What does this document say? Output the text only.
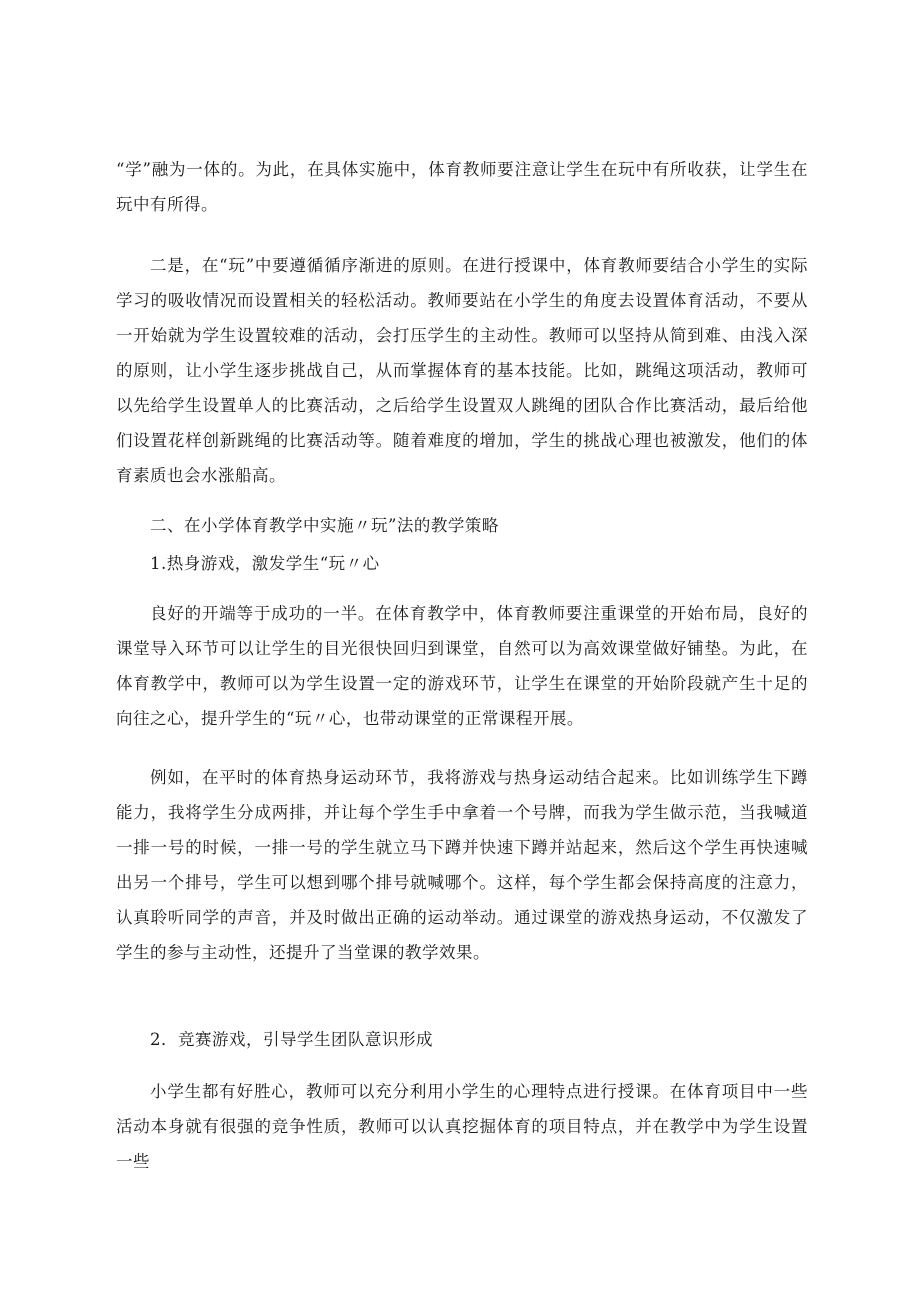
“学”融为一体的。为此，在具体实施中，体育教师要注意让学生在玩中有所收获，让学生在玩中有所得。

二是，在“玩”中要遵循循序渐进的原则。在进行授课中，体育教师要结合小学生的实际学习的吸收情况而设置相关的轻松活动。教师要站在小学生的角度去设置体育活动，不要从一开始就为学生设置较难的活动，会打压学生的主动性。教师可以坚持从简到难、由浅入深的原则，让小学生逐步挑战自己，从而掌握体育的基本技能。比如，跳绳这项活动，教师可以先给学生设置单人的比赛活动，之后给学生设置双人跳绳的团队合作比赛活动，最后给他们设置花样创新跳绳的比赛活动等。随着难度的增加，学生的挑战心理也被激发，他们的体育素质也会水涨船高。

二、在小学体育教学中实施〃玩”法的教学策略

1.热身游戏，激发学生“玩〃心

良好的开端等于成功的一半。在体育教学中，体育教师要注重课堂的开始布局，良好的课堂导入环节可以让学生的目光很快回归到课堂，自然可以为高效课堂做好铺垫。为此，在体育教学中，教师可以为学生设置一定的游戏环节，让学生在课堂的开始阶段就产生十足的向往之心，提升学生的“玩〃心，也带动课堂的正常课程开展。

例如，在平时的体育热身运动环节，我将游戏与热身运动结合起来。比如训练学生下蹲能力，我将学生分成两排，并让每个学生手中拿着一个号牌，而我为学生做示范，当我喊道一排一号的时候，一排一号的学生就立马下蹲并快速下蹲并站起来，然后这个学生再快速喊出另一个排号，学生可以想到哪个排号就喊哪个。这样，每个学生都会保持高度的注意力，认真聆听同学的声音，并及时做出正确的运动举动。通过课堂的游戏热身运动，不仅激发了学生的参与主动性，还提升了当堂课的教学效果。

2．竞赛游戏，引导学生团队意识形成

小学生都有好胜心，教师可以充分利用小学生的心理特点进行授课。在体育项目中一些活动本身就有很强的竞争性质，教师可以认真挖掘体育的项目特点，并在教学中为学生设置一些
